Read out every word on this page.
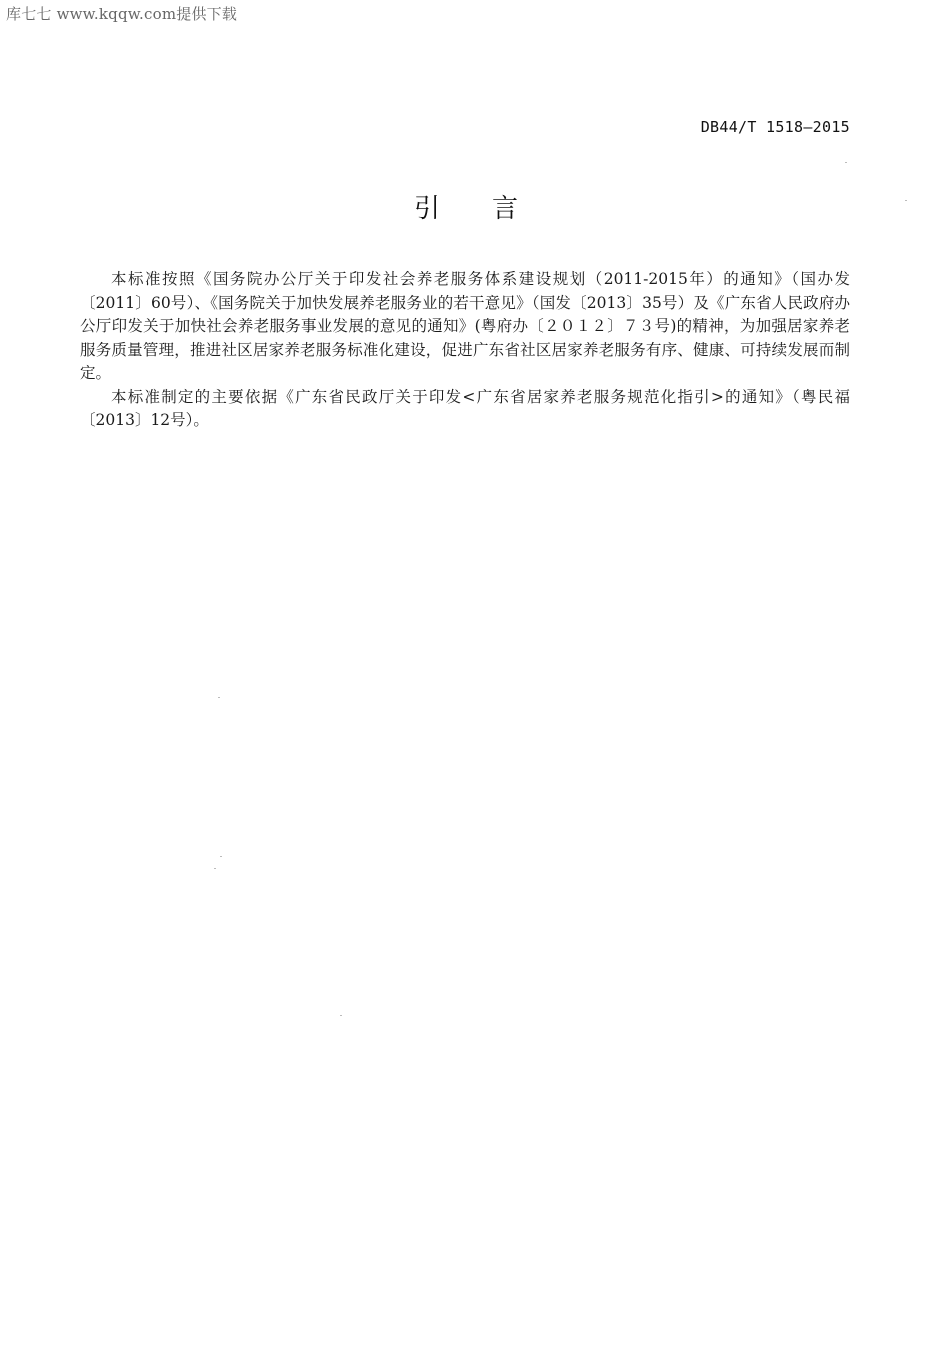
库七七 www.kqqw.com提供下载
DB44/T 1518—2015
引言

本标准按照《国务院办公厅关于印发社会养老服务体系建设规划（2011-2015年）的通知》（国办发〔2011〕60号）、《国务院关于加快发展养老服务业的若干意见》（国发〔2013〕35号）及《广东省人民政府办公厅印发关于加快社会养老服务事业发展的意见的通知》(粤府办〔２０１２〕７３号)的精神，为加强居家养老服务质量管理，推进社区居家养老服务标准化建设，促进广东省社区居家养老服务有序、健康、可持续发展而制定。

本标准制定的主要依据《广东省民政厅关于印发<广东省居家养老服务规范化指引>的通知》（粤民福〔2013〕12号）。
